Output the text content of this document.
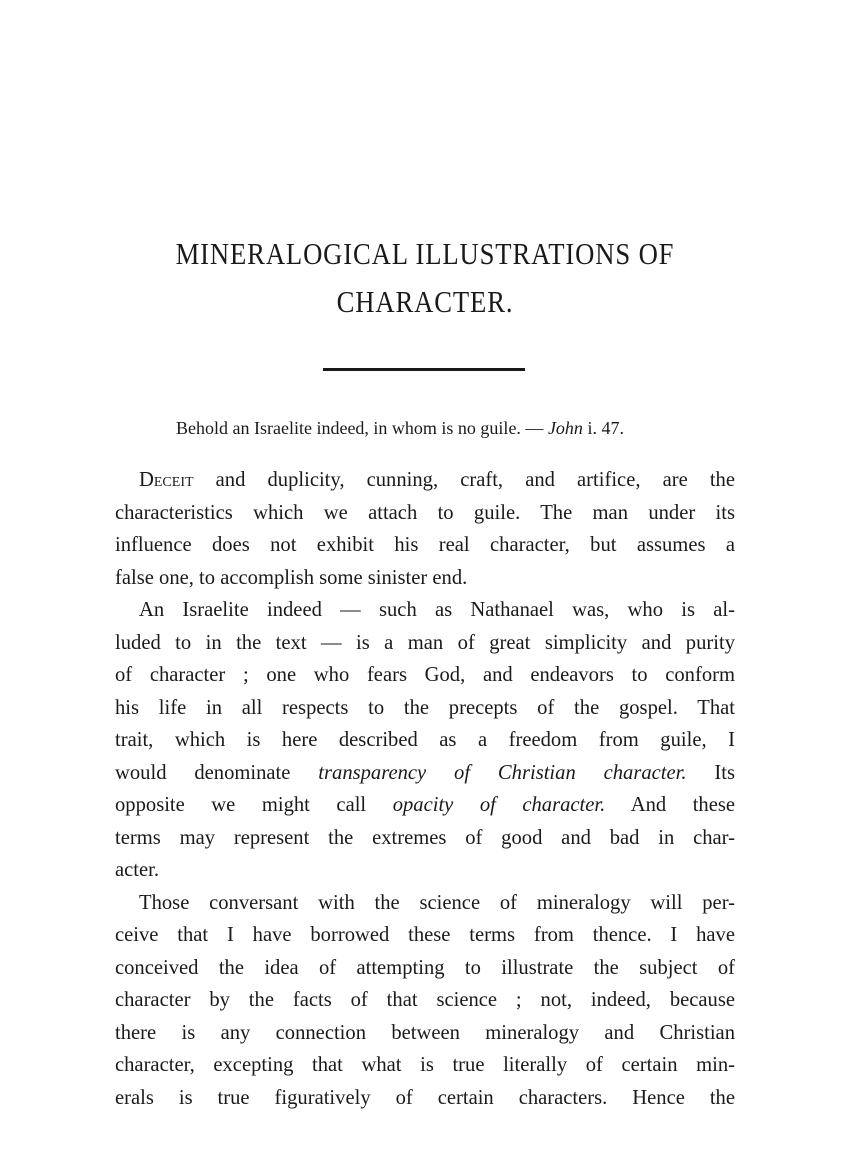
MINERALOGICAL ILLUSTRATIONS OF
CHARACTER.
Behold an Israelite indeed, in whom is no guile. — John i. 47.
Deceit and duplicity, cunning, craft, and artifice, are the
characteristics which we attach to guile. The man under its
influence does not exhibit his real character, but assumes a
false one, to accomplish some sinister end.
An Israelite indeed — such as Nathanael was, who is al-
luded to in the text — is a man of great simplicity and purity
of character ; one who fears God, and endeavors to conform
his life in all respects to the precepts of the gospel. That
trait, which is here described as a freedom from guile, I
would denominate transparency of Christian character. Its
opposite we might call opacity of character. And these
terms may represent the extremes of good and bad in char-
acter.
Those conversant with the science of mineralogy will per-
ceive that I have borrowed these terms from thence. I have
conceived the idea of attempting to illustrate the subject of
character by the facts of that science ; not, indeed, because
there is any connection between mineralogy and Christian
character, excepting that what is true literally of certain min-
erals is true figuratively of certain characters. Hence the
